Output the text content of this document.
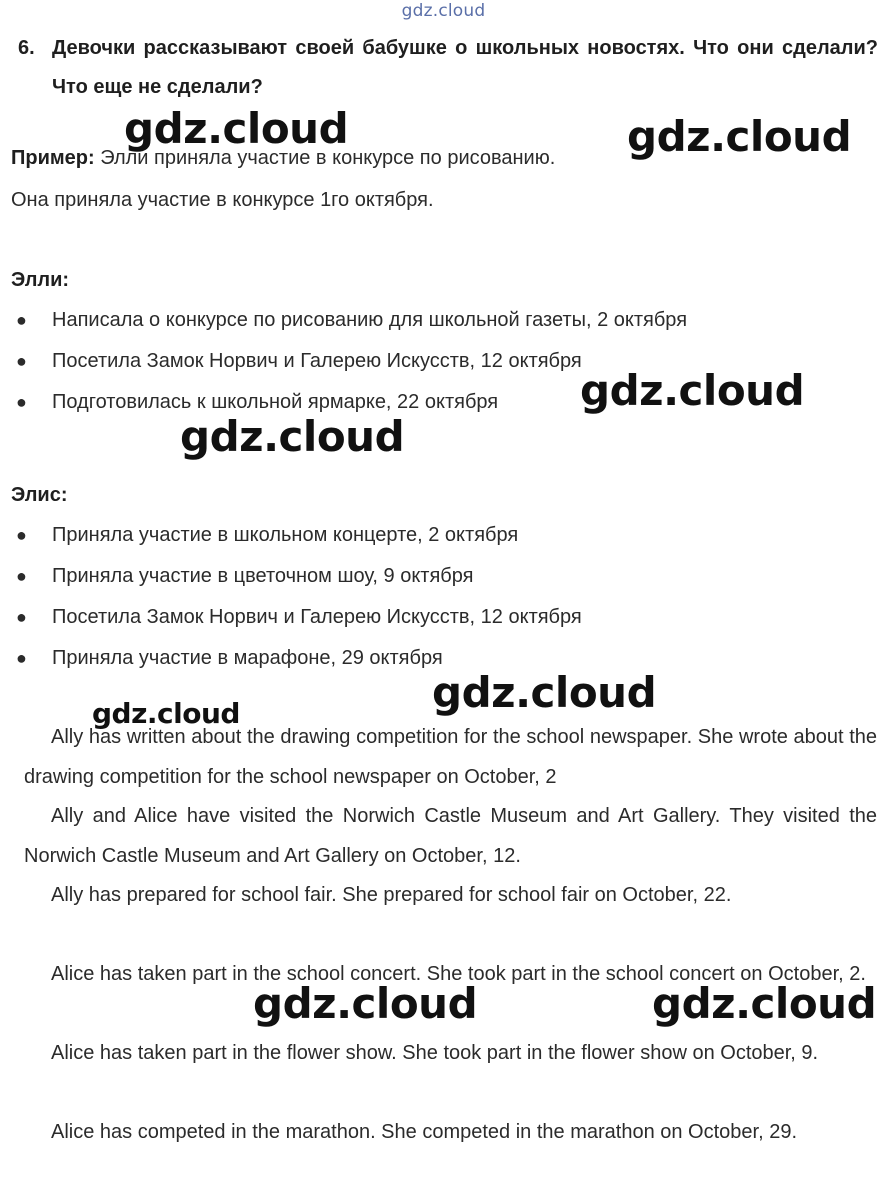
gdz.cloud
6. Девочки рассказывают своей бабушке о школьных новостях. Что они сделали? Что еще не сделали?
Пример: Элли приняла участие в конкурсе по рисованию.
Она приняла участие в конкурсе 1го октября.
Элли:
● Написала о конкурсе по рисованию для школьной газеты, 2 октября
● Посетила Замок Норвич и Галерею Искусств, 12 октября
● Подготовилась к школьной ярмарке, 22 октября
Элис:
● Приняла участие в школьном концерте, 2 октября
● Приняла участие в цветочном шоу, 9 октября
● Посетила Замок Норвич и Галерею Искусств, 12 октября
● Приняла участие в марафоне, 29 октября
Ally has written about the drawing competition for the school newspaper. She wrote about the drawing competition for the school newspaper on October, 2
Ally and Alice have visited the Norwich Castle Museum and Art Gallery. They visited the Norwich Castle Museum and Art Gallery on October, 12.
Ally has prepared for school fair. She prepared for school fair on October, 22.
Alice has taken part in the school concert. She took part in the school concert on October, 2.
Alice has taken part in the flower show. She took part in the flower show on October, 9.
Alice has competed in the marathon. She competed in the marathon on October, 29.
gdz.cloud	gdz.cloud
gdz.cloud
gdz.cloud
gdz.cloud
gdz.cloud
gdz.cloud	gdz.cloud
